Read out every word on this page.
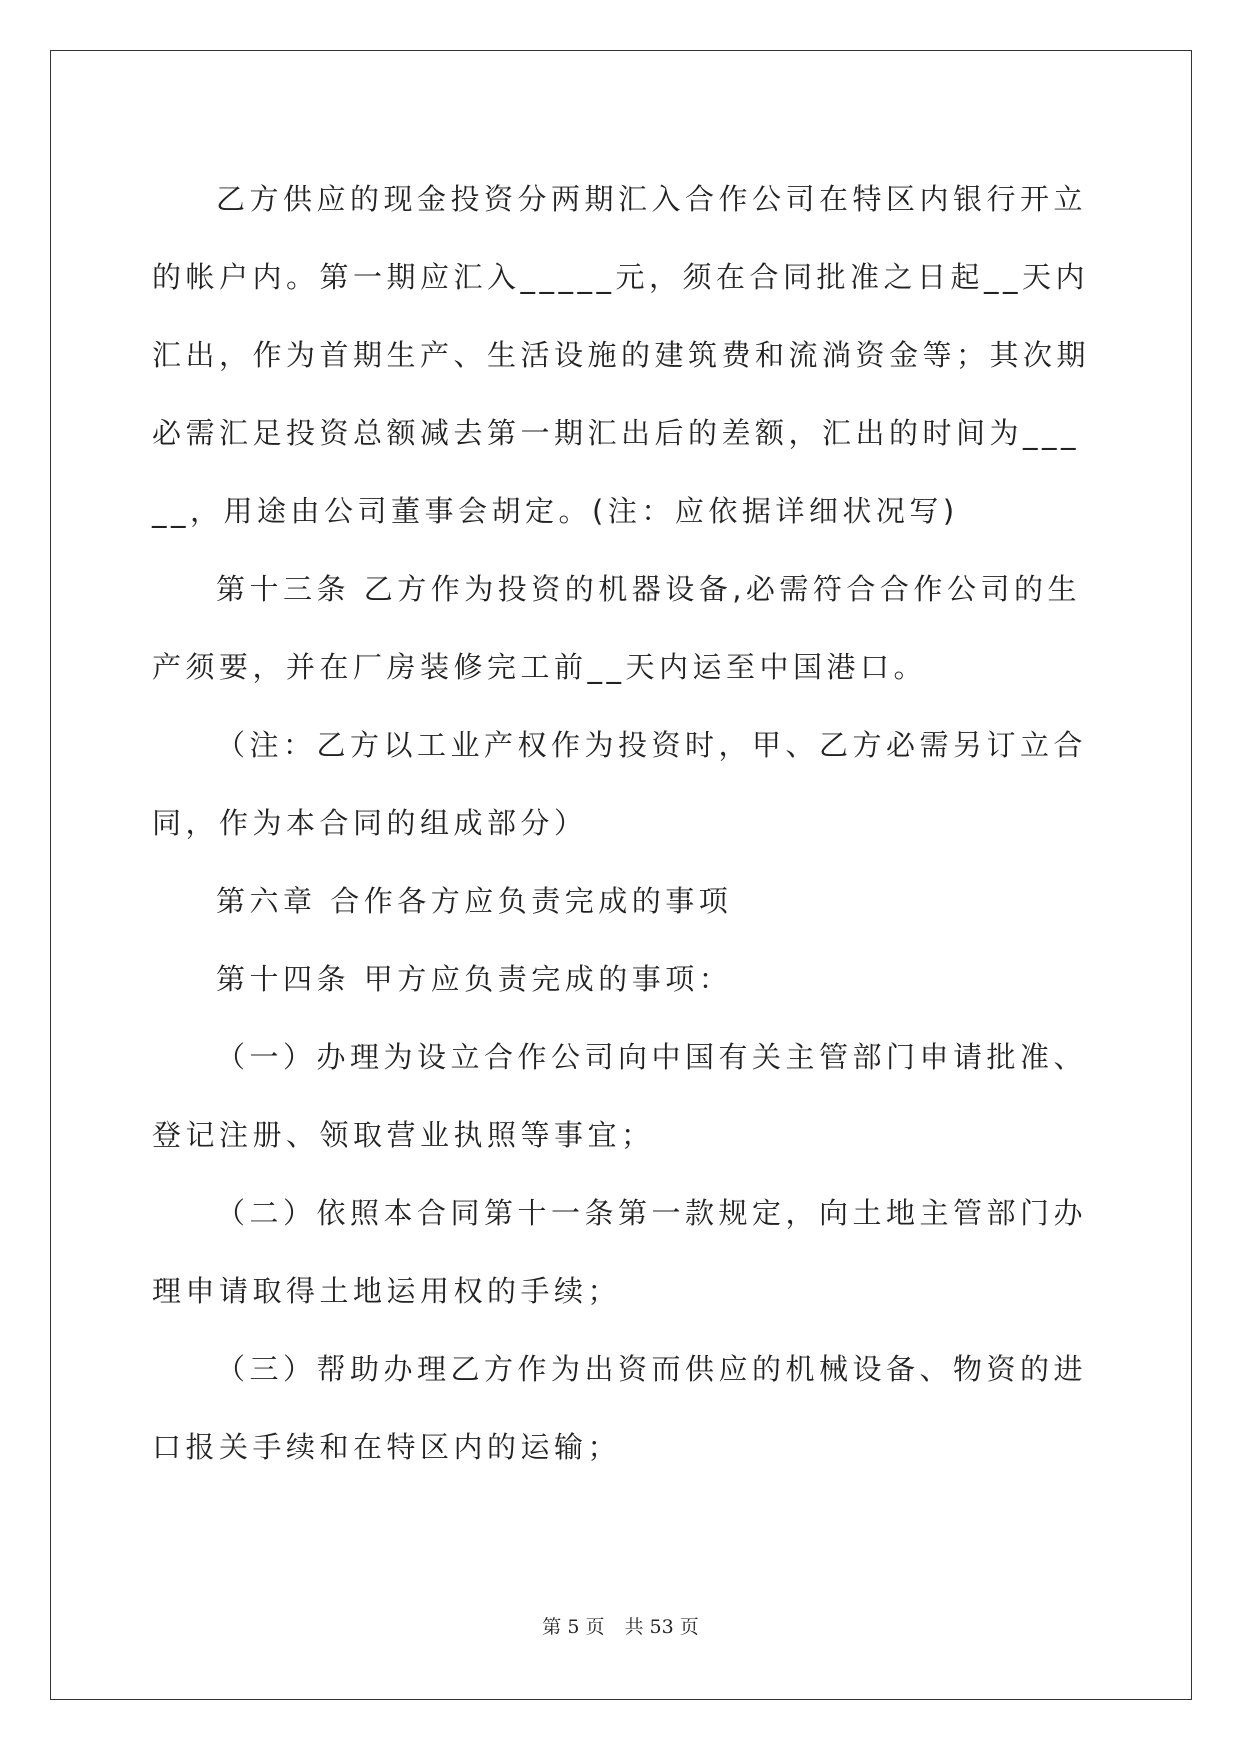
乙方供应的现金投资分两期汇入合作公司在特区内银行开立的帐户内。第一期应汇入_____元，须在合同批准之日起__天内汇出，作为首期生产、生活设施的建筑费和流淌资金等；其次期必需汇足投资总额减去第一期汇出后的差额，汇出的时间为_____，用途由公司董事会胡定。(注：应依据详细状况写)

第十三条 乙方作为投资的机器设备,必需符合合作公司的生产须要，并在厂房装修完工前__天内运至中国港口。

（注：乙方以工业产权作为投资时，甲、乙方必需另订立合同，作为本合同的组成部分）

第六章 合作各方应负责完成的事项

第十四条 甲方应负责完成的事项：

（一）办理为设立合作公司向中国有关主管部门申请批准、登记注册、领取营业执照等事宜；

（二）依照本合同第十一条第一款规定，向土地主管部门办理申请取得土地运用权的手续；

（三）帮助办理乙方作为出资而供应的机械设备、物资的进口报关手续和在特区内的运输；

第 5 页 共 53 页
